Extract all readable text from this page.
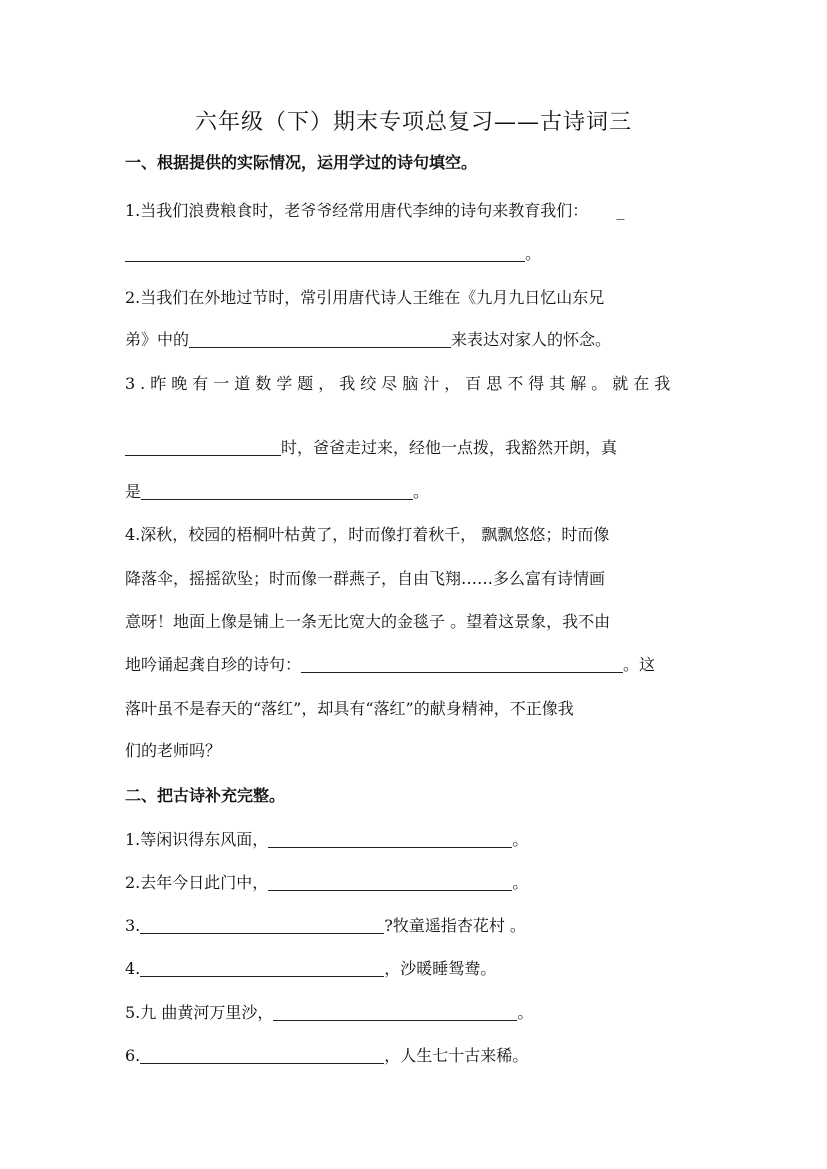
六年级（下）期末专项总复习——古诗词三
一、根据提供的实际情况，运用学过的诗句填空。
1.当我们浪费粮食时，老爷爷经常用唐代李绅的诗句来教育我们： _
。
2.当我们在外地过节时，常引用唐代诗人王维在《九月九日忆山东兄
弟》中的	来表达对家人的怀念。
3.昨晚有一道数学题，我绞尽脑汁，百思不得其解。就在我
时，爸爸走过来，经他一点拨，我豁然开朗，真
是	。
4.深秋，校园的梧桐叶枯黄了，时而像打着秋千， 飘飘悠悠；时而像
降落伞，摇摇欲坠；时而像一群燕子，自由飞翔……多么富有诗情画
意呀！地面上像是铺上一条无比宽大的金毯子 。望着这景象，我不由
地吟诵起龚自珍的诗句：	。这
落叶虽不是春天的“落红”，却具有“落红”的献身精神，不正像我
们的老师吗？
二、把古诗补充完整。
1.等闲识得东风面，	。
2.去年今日此门中，	。
3.	?牧童遥指杏花村 。
4.	，沙暖睡鸳鸯。
5.九 曲黄河万里沙，	。
6.	，人生七十古来稀。
